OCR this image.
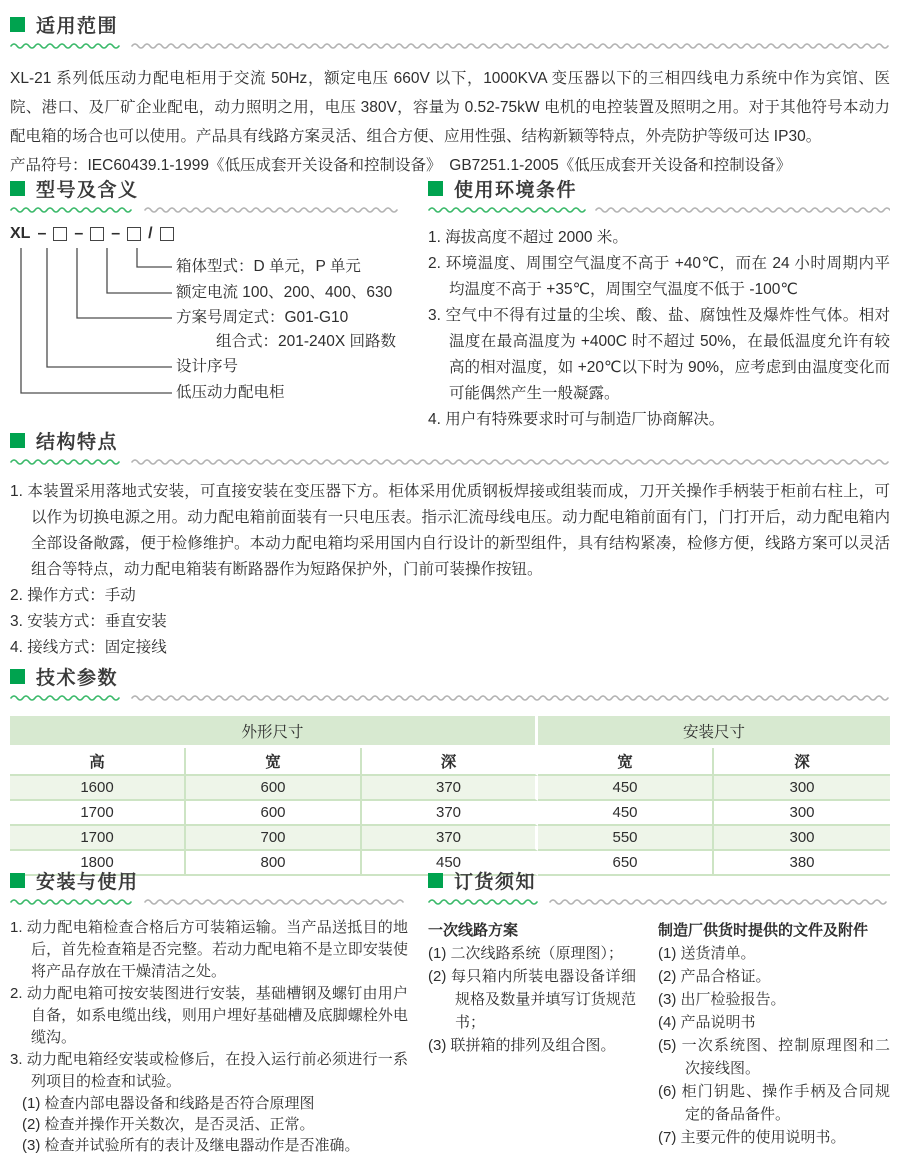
适用范围

XL-21 系列低压动力配电柜用于交流 50Hz，额定电压 660V 以下，1000KVA 变压器以下的三相四线电力系统中作为宾馆、医院、港口、及厂矿企业配电，动力照明之用，电压 380V，容量为 0.52-75kW 电机的电控装置及照明之用。对于其他符号本动力配电箱的场合也可以使用。产品具有线路方案灵活、组合方便、应用性强、结构新颖等特点，外壳防护等级可达 IP30。

产品符号：IEC60439.1-1999《低压成套开关设备和控制设备》　GB7251.1-2005《低压成套开关设备和控制设备》

型号及含义
XL – – – /
箱体型式：D 单元，P 单元
额定电流 100、200、400、630
方案号周定式：G01-G10
组合式：201-240X 回路数
设计序号
低压动力配电柜
使用环境条件

1. 海拔高度不超过 2000 米。

2. 环境温度、周围空气温度不高于 +40℃，而在 24 小时周期内平均温度不高于 +35℃，周围空气温度不低于 -100℃

3. 空气中不得有过量的尘埃、酸、盐、腐蚀性及爆炸性气体。相对温度在最高温度为 +400C 时不超过 50%，在最低温度允许有较高的相对温度，如 +20℃以下时为 90%，应考虑到由温度变化而可能偶然产生一般凝露。

4. 用户有特殊要求时可与制造厂协商解决。

结构特点

1. 本装置采用落地式安装，可直接安装在变压器下方。柜体采用优质钢板焊接或组装而成，刀开关操作手柄装于柜前右柱上，可以作为切换电源之用。动力配电箱前面装有一只电压表。指示汇流母线电压。动力配电箱前面有门，门打开后，动力配电箱内全部设备敞露，便于检修维护。本动力配电箱均采用国内自行设计的新型组件，具有结构紧凑，检修方便，线路方案可以灵活组合等特点，动力配电箱装有断路器作为短路保护外，门前可装操作按钮。

2. 操作方式：手动

3. 安装方式：垂直安装

4. 接线方式：固定接线

技术参数
外形尺寸			安装尺寸	
高	宽	深	宽	深
1600	600	370	450	300
1700	600	370	450	300
1700	700	370	550	300
1800	800	450	650	380
安装与使用

1. 动力配电箱检查合格后方可装箱运输。当产品送抵目的地后，首先检查箱是否完整。若动力配电箱不是立即安装使将产品存放在干燥清洁之处。

2. 动力配电箱可按安装图进行安装，基础槽钢及螺钉由用户自备，如系电缆出线，则用户埋好基础槽及底脚螺栓外电缆沟。

3. 动力配电箱经安装或检修后，在投入运行前必须进行一系列项目的检查和试验。

(1) 检查内部电器设备和线路是否符合原理图

(2) 检查并操作开关数次，是否灵活、正常。

(3) 检查并试验所有的表计及继电器动作是否准确。

订货须知

一次线路方案

(1) 二次线路系统（原理图）；

(2) 每只箱内所装电器设备详细规格及数量并填写订货规范书；

(3) 联拼箱的排列及组合图。

制造厂供货时提供的文件及附件

(1) 送货清单。

(2) 产品合格证。

(3) 出厂检验报告。

(4) 产品说明书

(5) 一次系统图、控制原理图和二次接线图。

(6) 柜门钥匙、操作手柄及合同规定的备品备件。

(7) 主要元件的使用说明书。
